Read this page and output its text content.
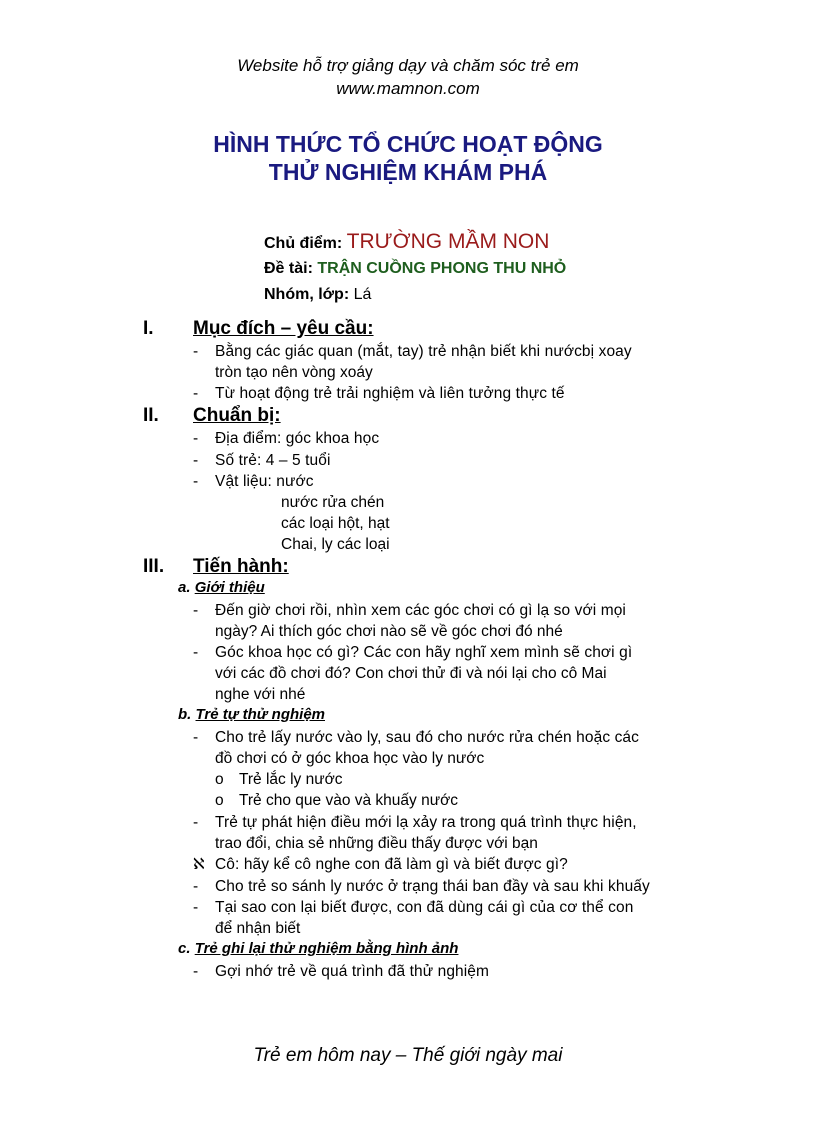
Website hỗ trợ giảng dạy và chăm sóc trẻ em
www.mamnon.com
HÌNH THỨC TỔ CHỨC HOẠT ĐỘNG
THỬ NGHIỆM KHÁM PHÁ
Chủ điểm: TRƯỜNG MẦM NON
Đề tài: TRẬN CUỒNG PHONG THU NHỎ
Nhóm, lớp: Lá
I. Mục đích – yêu cầu:
- Bằng các giác quan (mắt, tay) trẻ nhận biết khi nướcbị xoay
tròn tạo nên vòng xoáy
- Từ hoạt động trẻ trải nghiệm và liên tưởng thực tế
II. Chuẩn bị:
- Địa điểm: góc khoa học
- Số trẻ: 4 – 5 tuổi
- Vật liệu: nước
nước rửa chén
các loại hột, hạt
Chai, ly các loại
III. Tiến hành:
a. Giới thiệu
- Đến giờ chơi rồi, nhìn xem các góc chơi có gì lạ so với mọi
ngày? Ai thích góc chơi nào sẽ về góc chơi đó nhé
- Góc khoa học có gì? Các con hãy nghĩ xem mình sẽ chơi gì
với các đồ chơi đó? Con chơi thử đi và nói lại cho cô Mai
nghe với nhé
b. Trẻ tự thử nghiệm
- Cho trẻ lấy nước vào ly, sau đó cho nước rửa chén hoặc các
đồ chơi có ở góc khoa học vào ly nước
o Trẻ lắc ly nước
o Trẻ cho que vào và khuấy nước
- Trẻ tự phát hiện điều mới lạ xảy ra trong quá trình thực hiện,
trao đổi, chia sẻ những điều thấy được với bạn
ℵ Cô: hãy kể cô nghe con đã làm gì và biết được gì?
- Cho trẻ so sánh ly nước ở trạng thái ban đầy và sau khi khuấy
- Tại sao con lại biết được, con đã dùng cái gì của cơ thể con
để nhận biết
c. Trẻ ghi lại thử nghiệm bằng hình ảnh
- Gợi nhớ trẻ về quá trình đã thử nghiệm
Trẻ em hôm nay – Thế giới ngày mai
